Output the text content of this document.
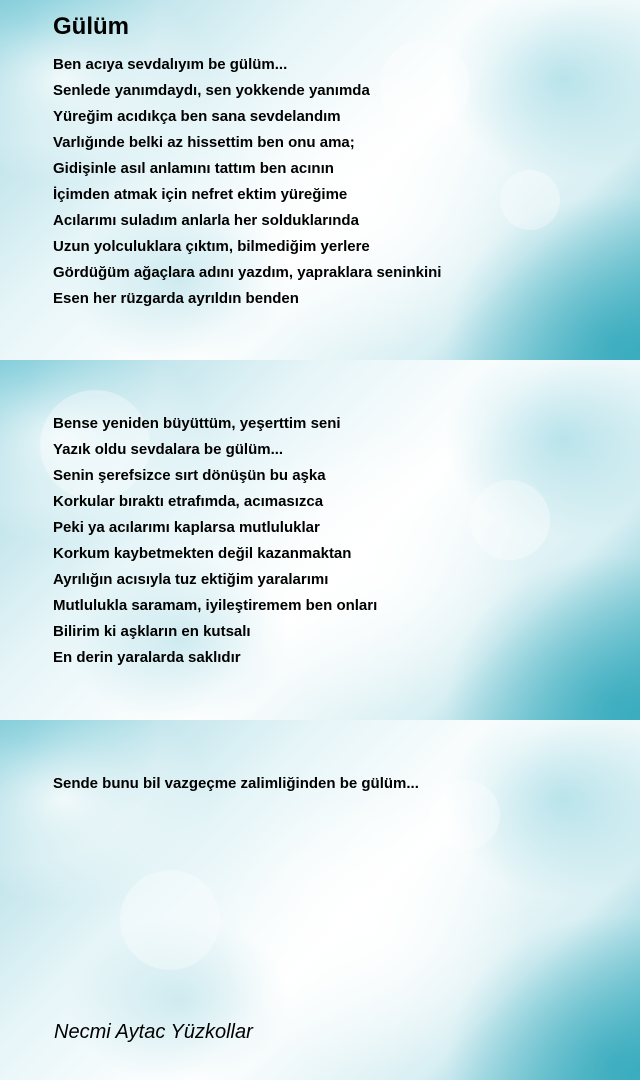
Gülüm
Ben acıya sevdalıyım be gülüm...
Senlede yanımdaydı, sen yokkende yanımda
Yüreğim acıdıkça ben sana sevdelandım
Varlığınde belki az hissettim ben onu ama;
Gidişinle asıl anlamını tattım ben acının
İçimden atmak için nefret ektim yüreğime
Acılarımı suladım anlarla her solduklarında
Uzun yolculuklara çıktım, bilmediğim yerlere
Gördüğüm ağaçlara adını yazdım, yapraklara seninkini
Esen her rüzgarda ayrıldın benden
Bense yeniden büyüttüm, yeşerttim seni
Yazık oldu sevdalara be gülüm...
Senin şerefsizce sırt dönüşün bu aşka
Korkular bıraktı etrafımda, acımasızca
Peki ya acılarımı kaplarsa mutluluklar
Korkum kaybetmekten değil kazanmaktan
Ayrılığın acısıyla tuz ektiğim yaralarımı
Mutlulukla saramam, iyileştiremem ben onları
Bilirim ki aşkların en kutsalı
En derin yaralarda saklıdır
Sende bunu bil vazgeçme zalimliğinden be gülüm...
Necmi Aytac Yüzkollar
